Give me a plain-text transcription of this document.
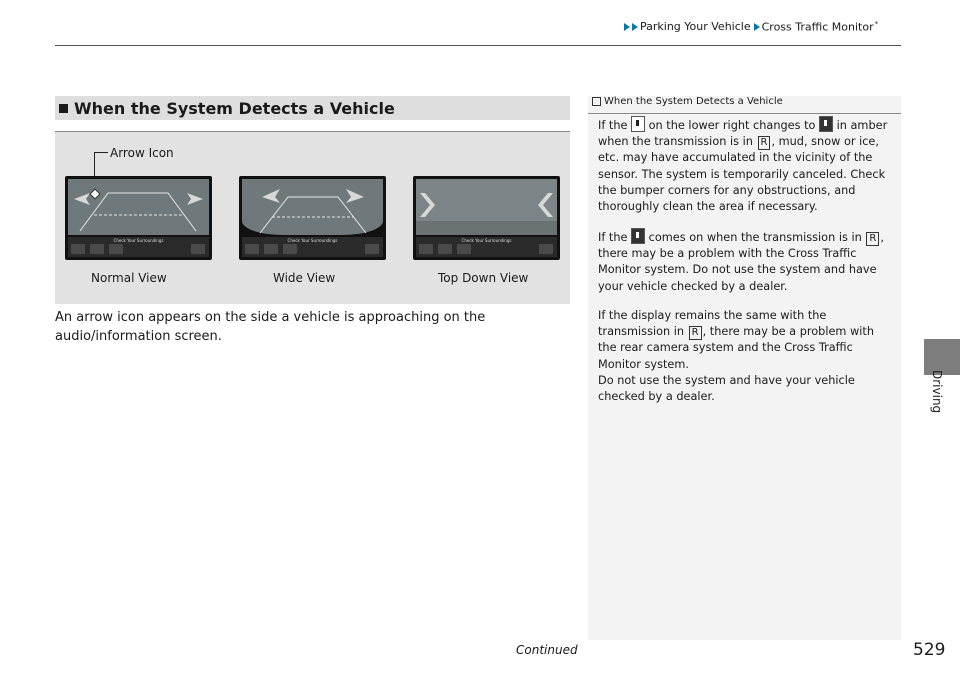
Parking Your Vehicle Cross Traffic Monitor*
Driving
When the System Detects a Vehicle
Arrow Icon
Check Your Surroundings	Check Your Surroundings	Check Your Surroundings
Normal View	Wide View	Top Down View
An arrow icon appears on the side a vehicle is approaching on the audio/information screen.
When the System Detects a Vehicle
If the on the lower right changes to in amber when the transmission is in R , mud, snow or ice, etc. may have accumulated in the vicinity of the sensor. The system is temporarily canceled. Check the bumper corners for any obstructions, and thoroughly clean the area if necessary.
If the comes on when the transmission is in R , there may be a problem with the Cross Traffic Monitor system. Do not use the system and have your vehicle checked by a dealer.
If the display remains the same with the transmission in R , there may be a problem with the rear camera system and the Cross Traffic Monitor system.
Do not use the system and have your vehicle checked by a dealer.
Continued	529
